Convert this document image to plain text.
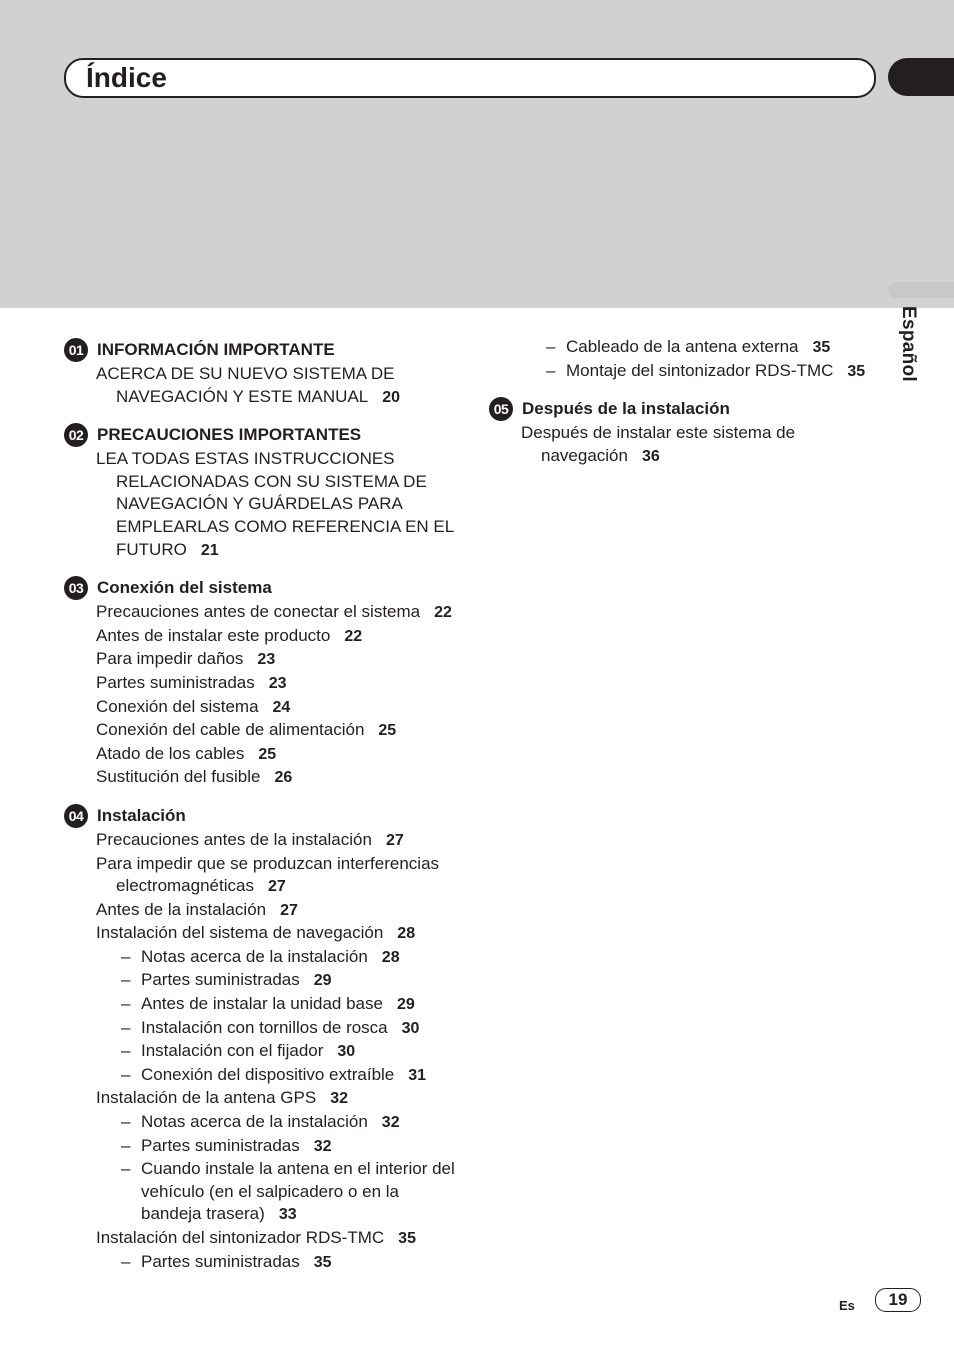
Índice
Español
01 INFORMACIÓN IMPORTANTE
ACERCA DE SU NUEVO SISTEMA DE NAVEGACIÓN Y ESTE MANUAL 20
02 PRECAUCIONES IMPORTANTES
LEA TODAS ESTAS INSTRUCCIONES RELACIONADAS CON SU SISTEMA DE NAVEGACIÓN Y GUÁRDELAS PARA EMPLEARLAS COMO REFERENCIA EN EL FUTURO 21
03 Conexión del sistema
Precauciones antes de conectar el sistema 22
Antes de instalar este producto 22
Para impedir daños 23
Partes suministradas 23
Conexión del sistema 24
Conexión del cable de alimentación 25
Atado de los cables 25
Sustitución del fusible 26
04 Instalación
Precauciones antes de la instalación 27
Para impedir que se produzcan interferencias electromagnéticas 27
Antes de la instalación 27
Instalación del sistema de navegación 28
– Notas acerca de la instalación 28
– Partes suministradas 29
– Antes de instalar la unidad base 29
– Instalación con tornillos de rosca 30
– Instalación con el fijador 30
– Conexión del dispositivo extraíble 31
Instalación de la antena GPS 32
– Notas acerca de la instalación 32
– Partes suministradas 32
– Cuando instale la antena en el interior del vehículo (en el salpicadero o en la bandeja trasera) 33
Instalación del sintonizador RDS-TMC 35
– Partes suministradas 35
– Cableado de la antena externa 35
– Montaje del sintonizador RDS-TMC 35
05 Después de la instalación
Después de instalar este sistema de navegación 36
Es	19
